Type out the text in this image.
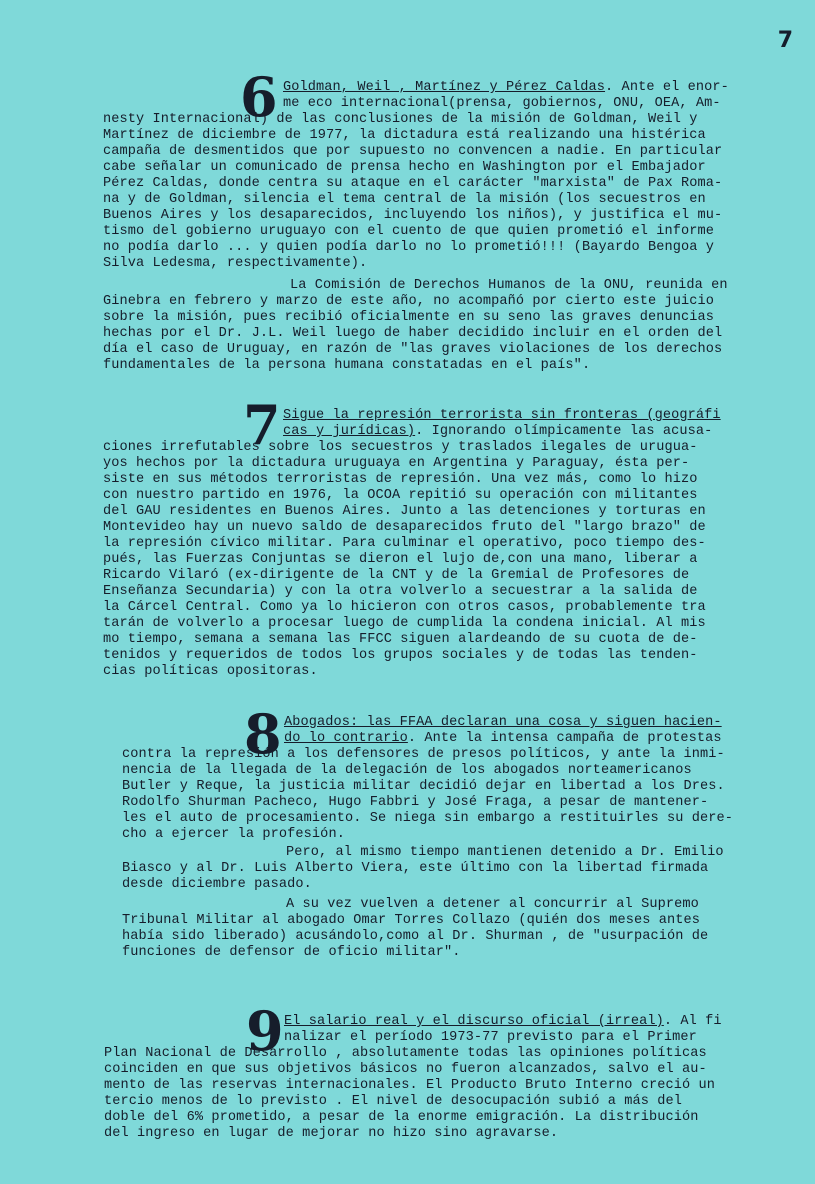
7
6 Goldman, Weil , Martínez y Pérez Caldas. Ante el enor-
me eco internacional(prensa, gobiernos, ONU, OEA, Am-
nesty Internacional) de las conclusiones de la misión de Goldman, Weil y
Martínez de diciembre de 1977, la dictadura está realizando una histérica
campaña de desmentidos que por supuesto no convencen a nadie. En particular
cabe señalar un comunicado de prensa hecho en Washington por el Embajador
Pérez Caldas, donde centra su ataque en el carácter "marxista" de Pax Roma-
na y de Goldman, silencia el tema central de la misión (los secuestros en
Buenos Aires y los desaparecidos, incluyendo los niños), y justifica el mu-
tismo del gobierno uruguayo con el cuento de que quien prometió el informe
no podía darlo ... y quien podía darlo no lo prometió!!! (Bayardo Bengoa y
Silva Ledesma, respectivamente).
La Comisión de Derechos Humanos de la ONU, reunida en
Ginebra en febrero y marzo de este año, no acompañó por cierto este juicio
sobre la misión, pues recibió oficialmente en su seno las graves denuncias
hechas por el Dr. J.L. Weil luego de haber decidido incluir en el orden del
día el caso de Uruguay, en razón de "las graves violaciones de los derechos
fundamentales de la persona humana constatadas en el país".
7 Sigue la represión terrorista sin fronteras (geográfi
cas y jurídicas). Ignorando olímpicamente las acusa-
ciones irrefutables sobre los secuestros y traslados ilegales de urugua-
yos hechos por la dictadura uruguaya en Argentina y Paraguay, ésta per-
siste en sus métodos terroristas de represión. Una vez más, como lo hizo
con nuestro partido en 1976, la OCOA repitió su operación con militantes
del GAU residentes en Buenos Aires. Junto a las detenciones y torturas en
Montevideo hay un nuevo saldo de desaparecidos fruto del "largo brazo" de
la represión cívico militar. Para culminar el operativo, poco tiempo des-
pués, las Fuerzas Conjuntas se dieron el lujo de,con una mano, liberar a
Ricardo Vilaró (ex-dirigente de la CNT y de la Gremial de Profesores de
Enseñanza Secundaria) y con la otra volverlo a secuestrar a la salida de
la Cárcel Central. Como ya lo hicieron con otros casos, probablemente tra
tarán de volverlo a procesar luego de cumplida la condena inicial. Al mis
mo tiempo, semana a semana las FFCC siguen alardeando de su cuota de de-
tenidos y requeridos de todos los grupos sociales y de todas las tenden-
cias políticas opositoras.
8 Abogados: las FFAA declaran una cosa y siguen hacien-
do lo contrario. Ante la intensa campaña de protestas
contra la represión a los defensores de presos políticos, y ante la inmi-
nencia de la llegada de la delegación de los abogados norteamericanos
Butler y Reque, la justicia militar decidió dejar en libertad a los Dres.
Rodolfo Shurman Pacheco, Hugo Fabbri y José Fraga, a pesar de mantener-
les el auto de procesamiento. Se niega sin embargo a restituirles su dere-
cho a ejercer la profesión.
Pero, al mismo tiempo mantienen detenido a Dr. Emilio
Biasco y al Dr. Luis Alberto Viera, este último con la libertad firmada
desde diciembre pasado.
A su vez vuelven a detener al concurrir al Supremo
Tribunal Militar al abogado Omar Torres Collazo (quién dos meses antes
había sido liberado) acusándolo,como al Dr. Shurman , de "usurpación de
funciones de defensor de oficio militar".
9 El salario real y el discurso oficial (irreal). Al fi
nalizar el período 1973-77 previsto para el Primer
Plan Nacional de Desarrollo , absolutamente todas las opiniones políticas
coinciden en que sus objetivos básicos no fueron alcanzados, salvo el au-
mento de las reservas internacionales. El Producto Bruto Interno creció un
tercio menos de lo previsto . El nivel de desocupación subió a más del
doble del 6% prometido, a pesar de la enorme emigración. La distribución
del ingreso en lugar de mejorar no hizo sino agravarse.
